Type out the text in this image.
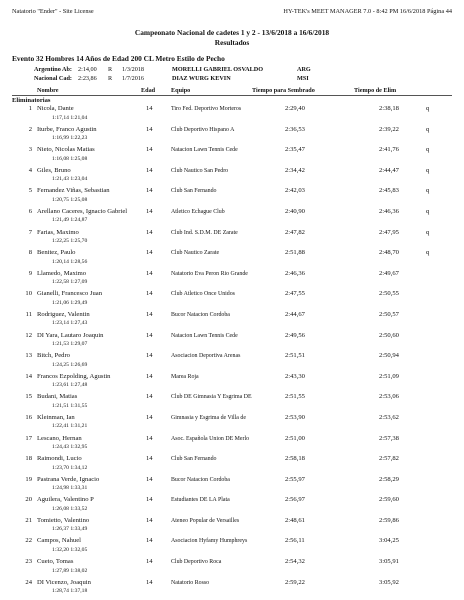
Natatorio "Ender" - Site License	HY-TEK's MEET MANAGER 7.0 - 8:42 PM 16/6/2018 Página 44
Campeonato Nacional de cadetes 1 y 2 - 13/6/2018 a 16/6/2018
Resultados
Evento 32 Hombres 14 Años de Edad 200 CL Metro Estilo de Pecho
Argentino Ab: 2:14,00 R 1/3/2018	MORELLI GABRIEL OSVALDO	ARG
Nacional Cad: 2:23,86 R 1/7/2016	DIAZ WURG KEVIN	MSI
Nombre	Edad	Equipo	Tiempo para Sembrado	Tiempo de Elim
Eliminatorias
1 Nicola, Dante	14	Tiro Fed. Deportivo Morteros	2:29,40	2:38,18	q
1:17,14 1:21,04
2 Iturbe, Franco Agustin	14	Club Deportivo Hispano A	2:36,53	2:39,22	q
1:16,99 1:22,23
3 Nieto, Nicolas Matias	14	Natacion Lawn Tennis Cede	2:35,47	2:41,76	q
1:16,08 1:25,08
4 Giles, Bruno	14	Club Nautico San Pedro	2:34,42	2:44,47	q
1:21,43 1:23,04
5 Fernandez Viñas, Sebastian	14	Club San Fernando	2:42,03	2:45,83	q
1:20,75 1:25,08
6 Arellano Caceres, Ignacio Gabriel	14	Atletico Echague Club	2:40,90	2:46,36	q
1:21,49 1:24,87
7 Farias, Maximo	14	Club Ind. S.D.M. DE Zarate	2:47,82	2:47,95	q
1:22,25 1:25,70
8 Benitez, Paulo	14	Club Nautico Zarate	2:51,88	2:48,70	q
1:20,14 1:28,56
9 Llamedo, Maximo	14	Natatorio Eva Peron Rio Grande	2:46,36	2:49,67
1:22,58 1:27,09
10 Gianelli, Francesco Juan	14	Club Atletico Once Unidos	2:47,55	2:50,55
1:21,06 1:29,49
11 Rodriguez, Valentin	14	Bucor Natacion Cordoba	2:44,67	2:50,57
1:23,14 1:27,43
12 DI Yara, Lautaro Joaquin	14	Natacion Lawn Tennis Cede	2:49,56	2:50,60
1:21,53 1:29,07
13 Bitch, Pedro	14	Asociacion Deportiva Arenas	2:51,51	2:50,94
1:24,25 1:26,69
14 Francos Ezpolding, Agustin	14	Marea Roja	2:43,30	2:51,09
1:23,61 1:27,48
15 Budani, Matias	14	Club DE Gimnasia Y Esgrima DE	2:51,55	2:53,06
1:21,51 1:31,55
16 Kleinman, Ian	14	Gimnasia y Esgrima de Villa de	2:53,90	2:53,62
1:22,41 1:31,21
17 Lescano, Hernan	14	Asoc. Española Union DE Merlo	2:51,00	2:57,38
1:24,43 1:32,95
18 Raimondi, Lucio	14	Club San Fernando	2:58,18	2:57,82
1:23,70 1:34,12
19 Pastrana Verde, Ignacio	14	Bucor Natacion Cordoba	2:55,97	2:58,29
1:24,98 1:33,31
20 Aguilera, Valentino P	14	Estudiantes DE LA Plata	2:56,97	2:59,60
1:26,08 1:33,52
21 Tomietto, Valentino	14	Ateneo Popular de Versailles	2:48,61	2:59,86
1:26,37 1:33,49
22 Campos, Nahuel	14	Asociacion Hyfamy Humphreys	2:56,11	3:04,25
1:32,20 1:32,05
23 Cueto, Tomas	14	Club Deportivo Roca	2:54,32	3:05,91
1:27,89 1:38,02
24 DI Vicenzo, Joaquin	14	Natatorio Rosso	2:59,22	3:05,92
1:28,74 1:37,18
